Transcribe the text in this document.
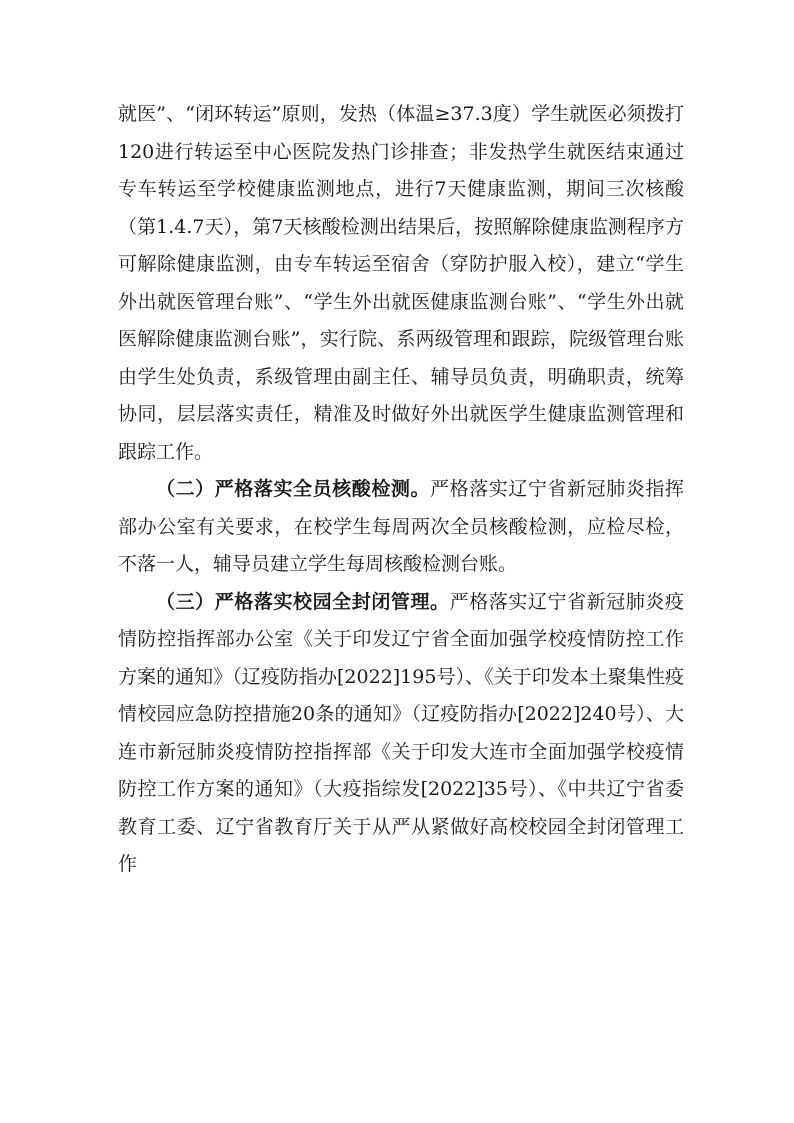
就医”、“闭环转运”原则，发热（体温≥37.3度）学生就医必须拨打120进行转运至中心医院发热门诊排查；非发热学生就医结束通过专车转运至学校健康监测地点，进行7天健康监测，期间三次核酸（第1.4.7天），第7天核酸检测出结果后，按照解除健康监测程序方可解除健康监测，由专车转运至宿舍（穿防护服入校），建立“学生外出就医管理台账”、“学生外出就医健康监测台账”、“学生外出就医解除健康监测台账”，实行院、系两级管理和跟踪，院级管理台账由学生处负责，系级管理由副主任、辅导员负责，明确职责，统筹协同，层层落实责任，精准及时做好外出就医学生健康监测管理和跟踪工作。

（二）严格落实全员核酸检测。严格落实辽宁省新冠肺炎指挥部办公室有关要求，在校学生每周两次全员核酸检测，应检尽检，不落一人，辅导员建立学生每周核酸检测台账。

（三）严格落实校园全封闭管理。严格落实辽宁省新冠肺炎疫情防控指挥部办公室《关于印发辽宁省全面加强学校疫情防控工作方案的通知》（辽疫防指办[2022]195号）、《关于印发本土聚集性疫情校园应急防控措施20条的通知》（辽疫防指办[2022]240号）、大连市新冠肺炎疫情防控指挥部《关于印发大连市全面加强学校疫情防控工作方案的通知》（大疫指综发[2022]35号）、《中共辽宁省委教育工委、辽宁省教育厅关于从严从紧做好高校校园全封闭管理工作
